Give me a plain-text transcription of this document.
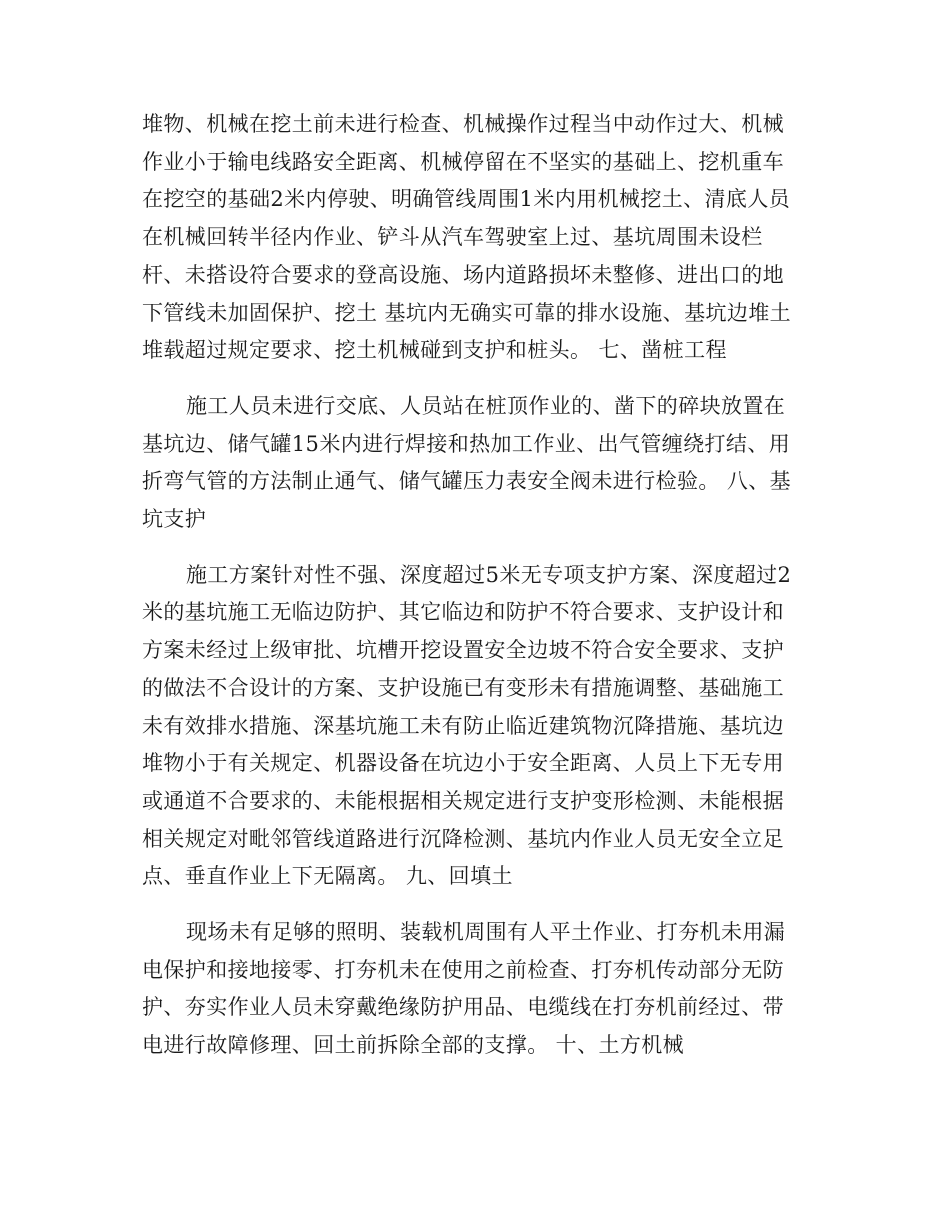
堆物、机械在挖土前未进行检查、机械操作过程当中动作过大、机械
作业小于输电线路安全距离、机械停留在不坚实的基础上、挖机重车
在挖空的基础2米内停驶、明确管线周围1米内用机械挖土、清底人员
在机械回转半径内作业、铲斗从汽车驾驶室上过、基坑周围未设栏
杆、未搭设符合要求的登高设施、场内道路损坏未整修、进出口的地
下管线未加固保护、挖土 基坑内无确实可靠的排水设施、基坑边堆土
堆载超过规定要求、挖土机械碰到支护和桩头。 七、凿桩工程
施工人员未进行交底、人员站在桩顶作业的、凿下的碎块放置在
基坑边、储气罐15米内进行焊接和热加工作业、出气管缠绕打结、用
折弯气管的方法制止通气、储气罐压力表安全阀未进行检验。 八、基
坑支护
施工方案针对性不强、深度超过5米无专项支护方案、深度超过2
米的基坑施工无临边防护、其它临边和防护不符合要求、支护设计和
方案未经过上级审批、坑槽开挖设置安全边坡不符合安全要求、支护
的做法不合设计的方案、支护设施已有变形未有措施调整、基础施工
未有效排水措施、深基坑施工未有防止临近建筑物沉降措施、基坑边
堆物小于有关规定、机器设备在坑边小于安全距离、人员上下无专用
或通道不合要求的、未能根据相关规定进行支护变形检测、未能根据
相关规定对毗邻管线道路进行沉降检测、基坑内作业人员无安全立足
点、垂直作业上下无隔离。 九、回填土
现场未有足够的照明、装载机周围有人平土作业、打夯机未用漏
电保护和接地接零、打夯机未在使用之前检查、打夯机传动部分无防
护、夯实作业人员未穿戴绝缘防护用品、电缆线在打夯机前经过、带
电进行故障修理、回土前拆除全部的支撑。 十、土方机械
